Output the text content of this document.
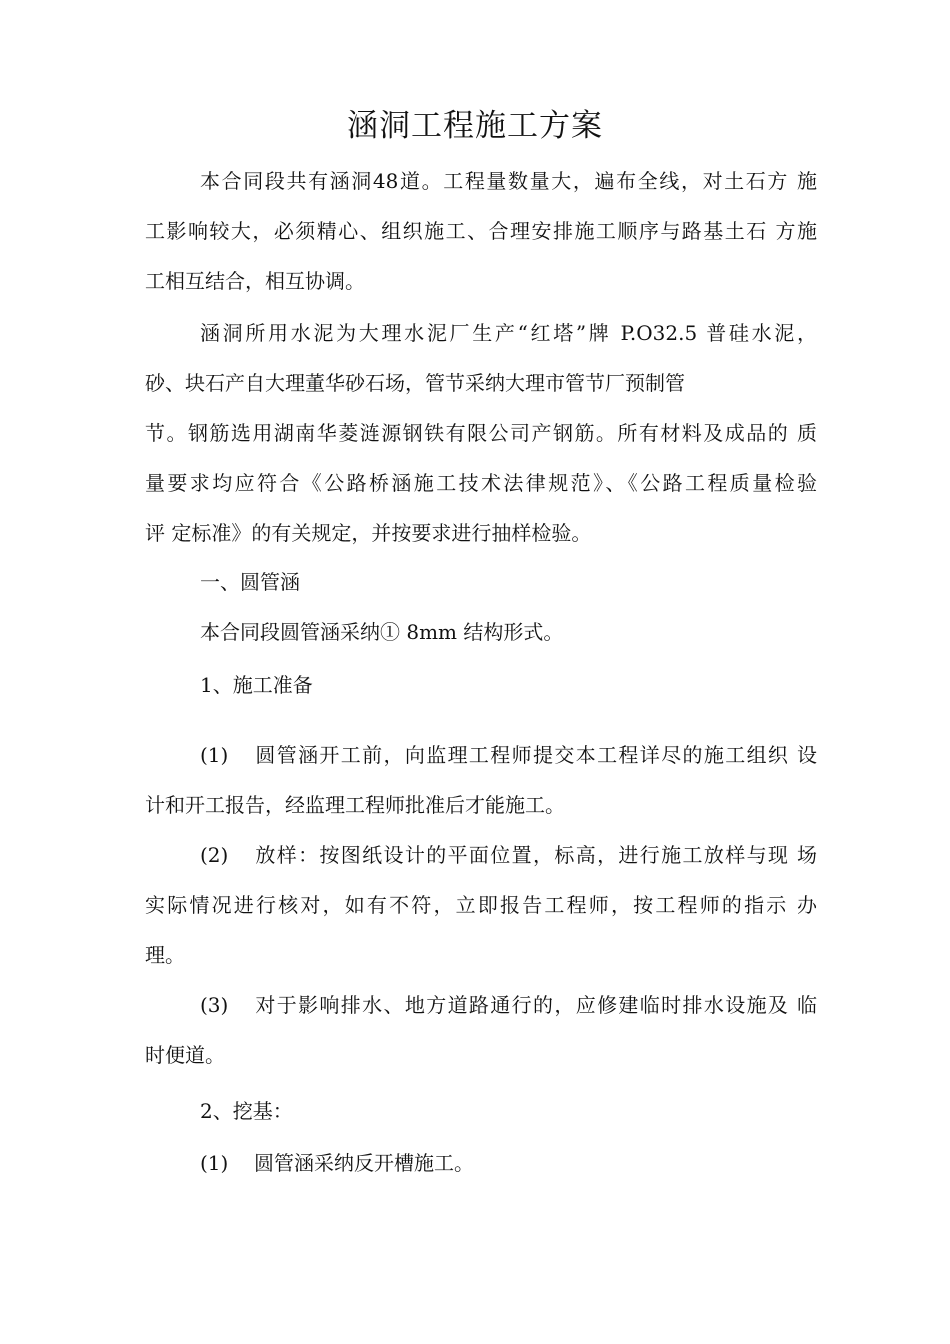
涵洞工程施工方案

本合同段共有涵洞48道。工程量数量大，遍布全线，对土石方 施

工影响较大，必须精心、组织施工、合理安排施工顺序与路基土石 方施

工相互结合，相互协调。

涵洞所用水泥为大理水泥厂生产“红塔”牌 P.O32.5 普硅水泥，

砂、块石产自大理董华砂石场，管节采纳大理市管节厂预制管

节。钢筋选用湖南华菱涟源钢铁有限公司产钢筋。所有材料及成品的 质

量要求均应符合《公路桥涵施工技术法律规范》、《公路工程质量检验

评 定标准》的有关规定，并按要求进行抽样检验。

一、圆管涵

本合同段圆管涵采纳① 8mm 结构形式。

1、施工准备

(1) 圆管涵开工前，向监理工程师提交本工程详尽的施工组织 设

计和开工报告，经监理工程师批准后才能施工。

(2) 放样：按图纸设计的平面位置，标高，进行施工放样与现 场

实际情况进行核对，如有不符，立即报告工程师，按工程师的指示 办

理。

(3) 对于影响排水、地方道路通行的，应修建临时排水设施及 临

时便道。

2、挖基：

(1) 圆管涵采纳反开槽施工。
